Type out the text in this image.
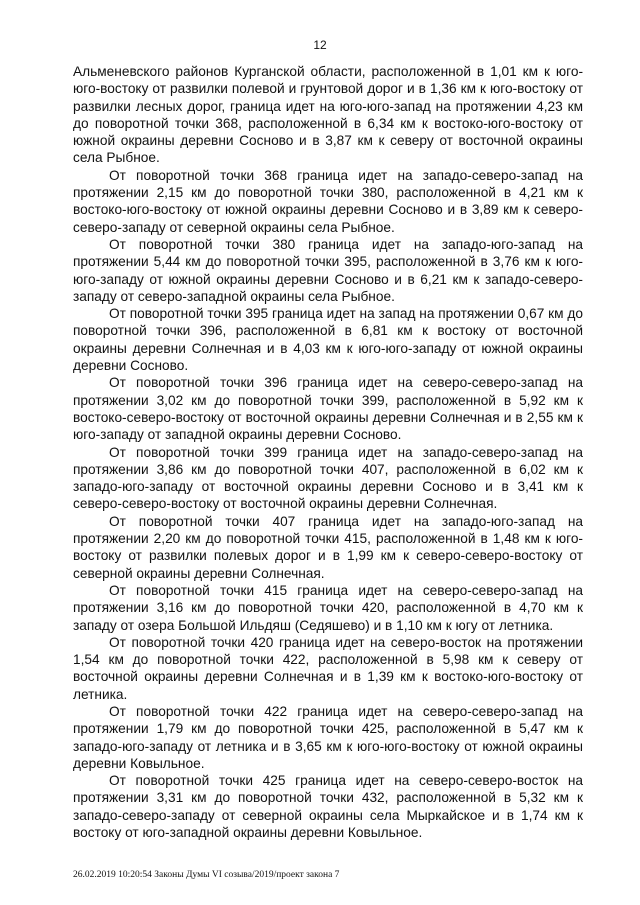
12

Альменевского районов Курганской области, расположенной в 1,01 км к юго-юго-востоку от развилки полевой и грунтовой дорог и в 1,36 км к юго-востоку от развилки лесных дорог, граница идет на юго-юго-запад на протяжении 4,23 км до поворотной точки 368, расположенной в 6,34 км к востоко-юго-востоку от южной окраины деревни Сосново и в 3,87 км к северу от восточной окраины села Рыбное.

От поворотной точки 368 граница идет на западо-северо-запад на протяжении 2,15 км до поворотной точки 380, расположенной в 4,21 км к востоко-юго-востоку от южной окраины деревни Сосново и в 3,89 км к северо-северо-западу от северной окраины села Рыбное.

От поворотной точки 380 граница идет на западо-юго-запад на протяжении 5,44 км до поворотной точки 395, расположенной в 3,76 км к юго-юго-западу от южной окраины деревни Сосново и в 6,21 км к западо-северо-западу от северо-западной окраины села Рыбное.

От поворотной точки 395 граница идет на запад на протяжении 0,67 км до поворотной точки 396, расположенной в 6,81 км к востоку от восточной окраины деревни Солнечная и в 4,03 км к юго-юго-западу от южной окраины деревни Сосново.

От поворотной точки 396 граница идет на северо-северо-запад на протяжении 3,02 км до поворотной точки 399, расположенной в 5,92 км к востоко-северо-востоку от восточной окраины деревни Солнечная и в 2,55 км к юго-западу от западной окраины деревни Сосново.

От поворотной точки 399 граница идет на западо-северо-запад на протяжении 3,86 км до поворотной точки 407, расположенной в 6,02 км к западо-юго-западу от восточной окраины деревни Сосново и в 3,41 км к северо-северо-востоку от восточной окраины деревни Солнечная.

От поворотной точки 407 граница идет на западо-юго-запад на протяжении 2,20 км до поворотной точки 415, расположенной в 1,48 км к юго-востоку от развилки полевых дорог и в 1,99 км к северо-северо-востоку от северной окраины деревни Солнечная.

От поворотной точки 415 граница идет на северо-северо-запад на протяжении 3,16 км до поворотной точки 420, расположенной в 4,70 км к западу от озера Большой Ильдяш (Седяшево) и в 1,10 км к югу от летника.

От поворотной точки 420 граница идет на северо-восток на протяжении 1,54 км до поворотной точки 422, расположенной в 5,98 км к северу от восточной окраины деревни Солнечная и в 1,39 км к востоко-юго-востоку от летника.

От поворотной точки 422 граница идет на северо-северо-запад на протяжении 1,79 км до поворотной точки 425, расположенной в 5,47 км к западо-юго-западу от летника и в 3,65 км к юго-юго-востоку от южной окраины деревни Ковыльное.

От поворотной точки 425 граница идет на северо-северо-восток на протяжении 3,31 км до поворотной точки 432, расположенной в 5,32 км к западо-северо-западу от северной окраины села Мыркайское и в 1,74 км к востоку от юго-западной окраины деревни Ковыльное.

26.02.2019 10:20:54 Законы Думы VI созыва/2019/проект закона 7
